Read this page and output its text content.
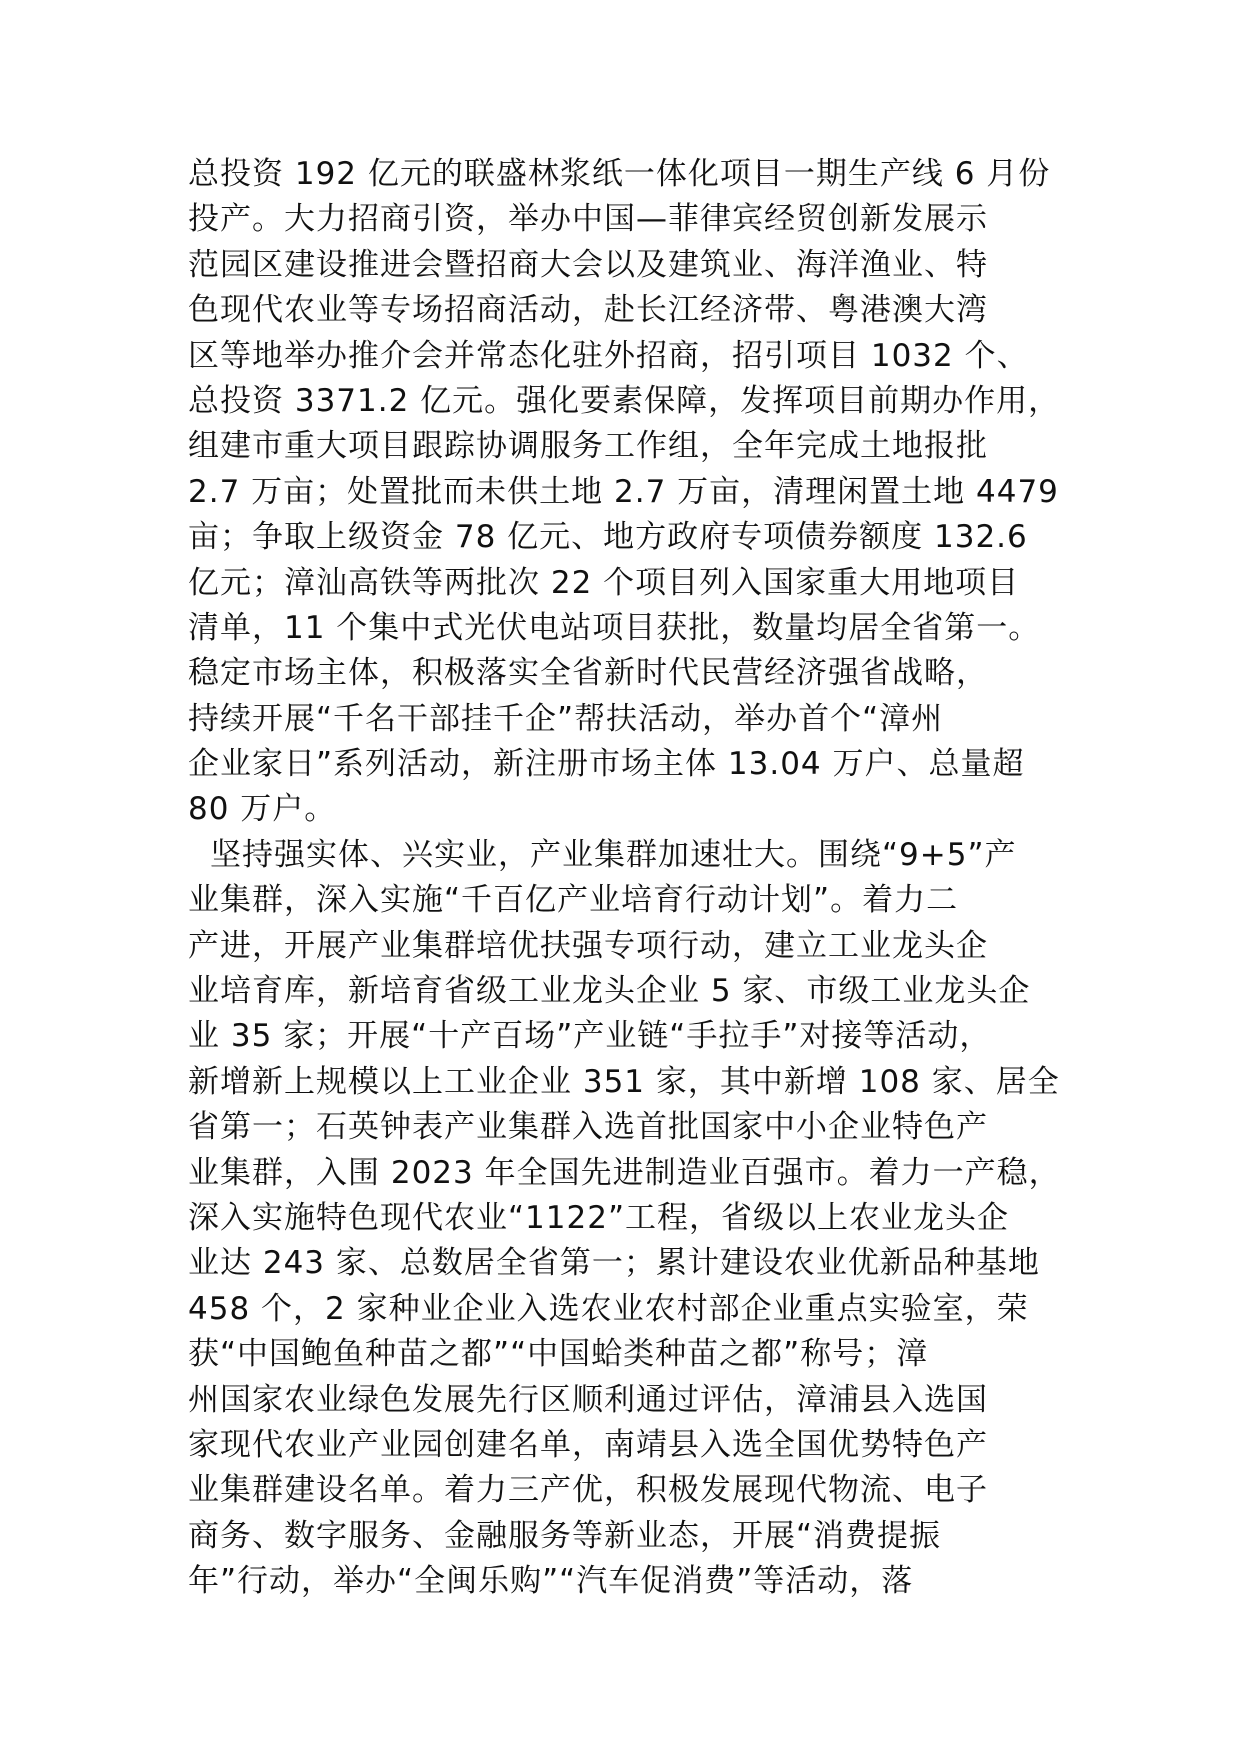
总投资 192 亿元的联盛林浆纸一体化项目一期生产线 6 月份
投产。大力招商引资，举办中国—菲律宾经贸创新发展示
范园区建设推进会暨招商大会以及建筑业、海洋渔业、特
色现代农业等专场招商活动，赴长江经济带、粤港澳大湾
区等地举办推介会并常态化驻外招商，招引项目 1032 个、
总投资 3371.2 亿元。强化要素保障，发挥项目前期办作用，
组建市重大项目跟踪协调服务工作组，全年完成土地报批
2.7 万亩；处置批而未供土地 2.7 万亩，清理闲置土地 4479
亩；争取上级资金 78 亿元、地方政府专项债券额度 132.6
亿元；漳汕高铁等两批次 22 个项目列入国家重大用地项目
清单，11 个集中式光伏电站项目获批，数量均居全省第一。
稳定市场主体，积极落实全省新时代民营经济强省战略，
持续开展“千名干部挂千企”帮扶活动，举办首个“漳州
企业家日”系列活动，新注册市场主体 13.04 万户、总量超
80 万户。
坚持强实体、兴实业，产业集群加速壮大。围绕“9+5”产
业集群，深入实施“千百亿产业培育行动计划”。着力二
产进，开展产业集群培优扶强专项行动，建立工业龙头企
业培育库，新培育省级工业龙头企业 5 家、市级工业龙头企
业 35 家；开展“十产百场”产业链“手拉手”对接等活动，
新增新上规模以上工业企业 351 家，其中新增 108 家、居全
省第一；石英钟表产业集群入选首批国家中小企业特色产
业集群，入围 2023 年全国先进制造业百强市。着力一产稳，
深入实施特色现代农业“1122”工程，省级以上农业龙头企
业达 243 家、总数居全省第一；累计建设农业优新品种基地
458 个，2 家种业企业入选农业农村部企业重点实验室，荣
获“中国鲍鱼种苗之都”“中国蛤类种苗之都”称号；漳
州国家农业绿色发展先行区顺利通过评估，漳浦县入选国
家现代农业产业园创建名单，南靖县入选全国优势特色产
业集群建设名单。着力三产优，积极发展现代物流、电子
商务、数字服务、金融服务等新业态，开展“消费提振
年”行动，举办“全闽乐购”“汽车促消费”等活动，落
